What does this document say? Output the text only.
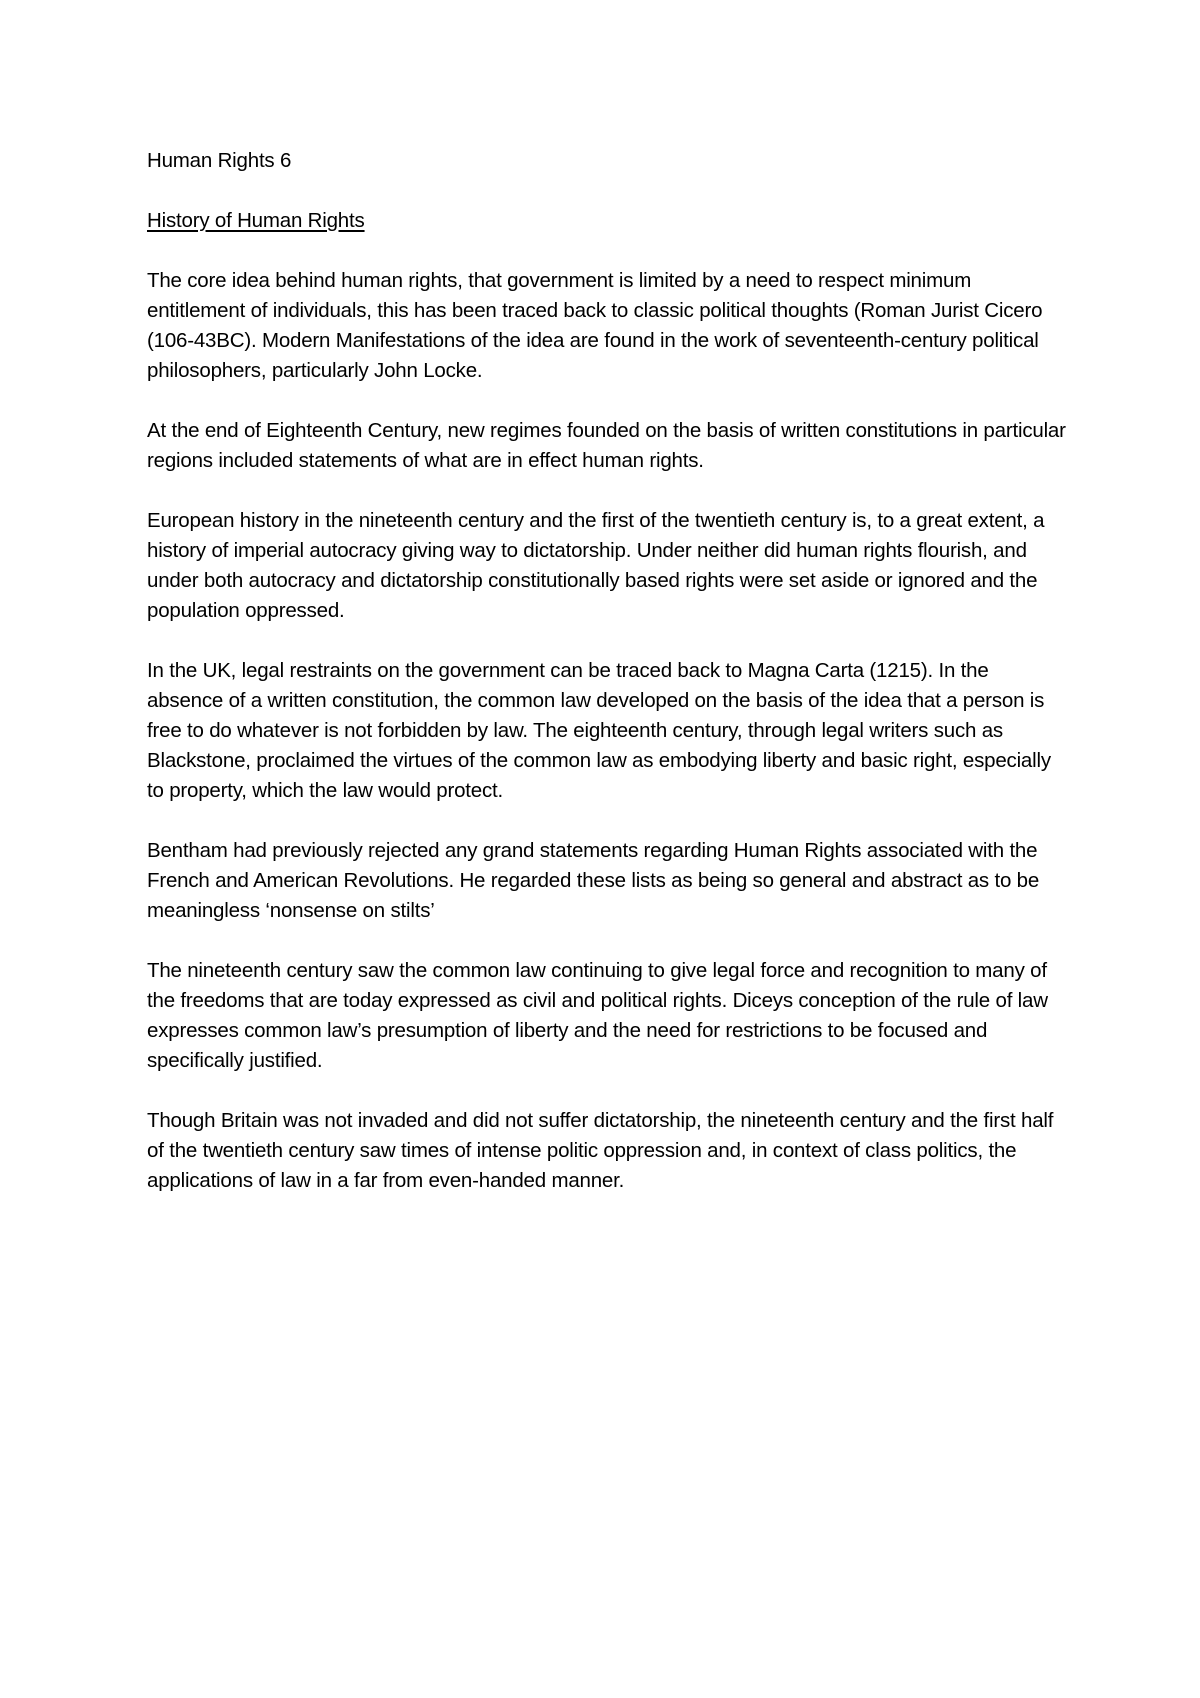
Human Rights 6

History of Human Rights

The core idea behind human rights, that government is limited by a need to respect minimum entitlement of individuals, this has been traced back to classic political thoughts (Roman Jurist Cicero (106-43BC). Modern Manifestations of the idea are found in the work of seventeenth-century political philosophers, particularly John Locke.

At the end of Eighteenth Century, new regimes founded on the basis of written constitutions in particular regions included statements of what are in effect human rights.

European history in the nineteenth century and the first of the twentieth century is, to a great extent, a history of imperial autocracy giving way to dictatorship. Under neither did human rights flourish, and under both autocracy and dictatorship constitutionally based rights were set aside or ignored and the population oppressed.

In the UK, legal restraints on the government can be traced back to Magna Carta (1215). In the absence of a written constitution, the common law developed on the basis of the idea that a person is free to do whatever is not forbidden by law. The eighteenth century, through legal writers such as Blackstone, proclaimed the virtues of the common law as embodying liberty and basic right, especially to property, which the law would protect.

Bentham had previously rejected any grand statements regarding Human Rights associated with the French and American Revolutions. He regarded these lists as being so general and abstract as to be meaningless ‘nonsense on stilts’

The nineteenth century saw the common law continuing to give legal force and recognition to many of the freedoms that are today expressed as civil and political rights. Diceys conception of the rule of law expresses common law’s presumption of liberty and the need for restrictions to be focused and specifically justified.

Though Britain was not invaded and did not suffer dictatorship, the nineteenth century and the first half of the twentieth century saw times of intense politic oppression and, in context of class politics, the applications of law in a far from even-handed manner.
